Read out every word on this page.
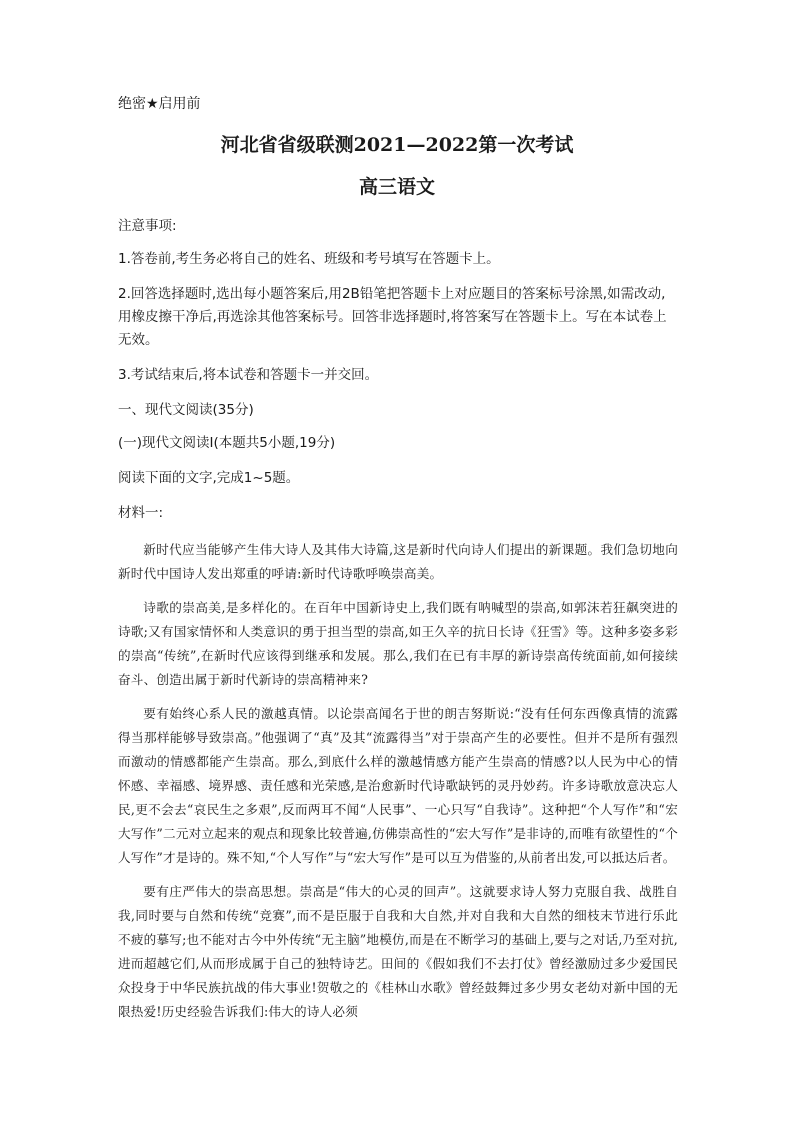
绝密★启用前
河北省省级联测2021—2022第一次考试
高三语文

注意事项:

1.答卷前,考生务必将自己的姓名、班级和考号填写在答题卡上。

2.回答选择题时,选出每小题答案后,用2B铅笔把答题卡上对应题目的答案标号涂黑,如需改动,用橡皮擦干净后,再选涂其他答案标号。回答非选择题时,将答案写在答题卡上。写在本试卷上无效。

3.考试结束后,将本试卷和答题卡一并交回。

一、现代文阅读(35分)

(一)现代文阅读Ⅰ(本题共5小题,19分)

阅读下面的文字,完成1~5题。

材料一:

新时代应当能够产生伟大诗人及其伟大诗篇,这是新时代向诗人们提出的新课题。我们急切地向新时代中国诗人发出郑重的呼请:新时代诗歌呼唤崇高美。

诗歌的崇高美,是多样化的。在百年中国新诗史上,我们既有呐喊型的崇高,如郭沫若狂飙突进的诗歌;又有国家情怀和人类意识的勇于担当型的崇高,如王久辛的抗日长诗《狂雪》等。这种多姿多彩的崇高“传统”,在新时代应该得到继承和发展。那么,我们在已有丰厚的新诗崇高传统面前,如何接续奋斗、创造出属于新时代新诗的崇高精神来?

要有始终心系人民的激越真情。以论崇高闻名于世的朗吉努斯说:“没有任何东西像真情的流露得当那样能够导致崇高。”他强调了“真”及其“流露得当”对于崇高产生的必要性。但并不是所有强烈而激动的情感都能产生崇高。那么,到底什么样的激越情感方能产生崇高的情感?以人民为中心的情怀感、幸福感、境界感、责任感和光荣感,是治愈新时代诗歌缺钙的灵丹妙药。许多诗歌放意决忘人民,更不会去“哀民生之多艰”,反而两耳不闻“人民事”、一心只写“自我诗”。这种把“个人写作”和“宏大写作”二元对立起来的观点和现象比较普遍,仿佛崇高性的“宏大写作”是非诗的,而唯有欲望性的“个人写作”才是诗的。殊不知,“个人写作”与“宏大写作”是可以互为借鉴的,从前者出发,可以抵达后者。

要有庄严伟大的崇高思想。崇高是“伟大的心灵的回声”。这就要求诗人努力克服自我、战胜自我,同时要与自然和传统“竞赛”,而不是臣服于自我和大自然,并对自我和大自然的细枝末节进行乐此不疲的摹写;也不能对古今中外传统“无主脑”地模仿,而是在不断学习的基础上,要与之对话,乃至对抗,进而超越它们,从而形成属于自己的独特诗艺。田间的《假如我们不去打仗》曾经激励过多少爱国民众投身于中华民族抗战的伟大事业!贺敬之的《桂林山水歌》曾经鼓舞过多少男女老幼对新中国的无限热爱!历史经验告诉我们:伟大的诗人必须
